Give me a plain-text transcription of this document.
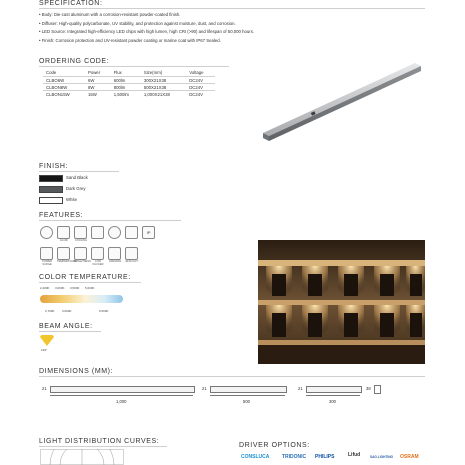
SPECIFICATION:
• Body: Die-cast aluminum with a corrosion-resistant powder-coated finish.
• Diffuser: High-quality polycarbonate, UV stability, and protection against moisture, dust, and corrosion.
• LED Source: Integrated high-efficiency LED chips with high lumen, high CRI (>90) and lifespan of 50,000 hours.
• Finish: Corrosion protection and UV-resistant powder coating or marine coat with IP67 Sealed.
ORDERING CODE:
Code	Power	Flux	Size(mm)	Voltage
CLBO6W	6W	600lm	300X21X38	DC24V
CLBON8W	8W	800lm	500X21X38	DC24V
CLBON15W	15W	1,500lm	1,000X21X38	DC24V
FINISH:
Sand Black
Dark Grey
White
FEATURES:
HI-CRI	COOLING
IP
POWER SURGE
TEMPERATURE
BRIGHTNESS	LOW FLICKER
LIFESPAN	EFFICACY
COLOR TEMPERATURE:
2,200K 3,000K 3,500K 5,000K
2,700K 3,000K	6,500K
BEAM ANGLE:
120°
DIMENSIONS (MM):
21
1,000
21
500
21
300
38
LIGHT DISTRIBUTION CURVES:
DRIVER OPTIONS:
CONSLUCA	TRIDONIC PHILIPS	Lifud	SAG.LIGHTING OSRAM
